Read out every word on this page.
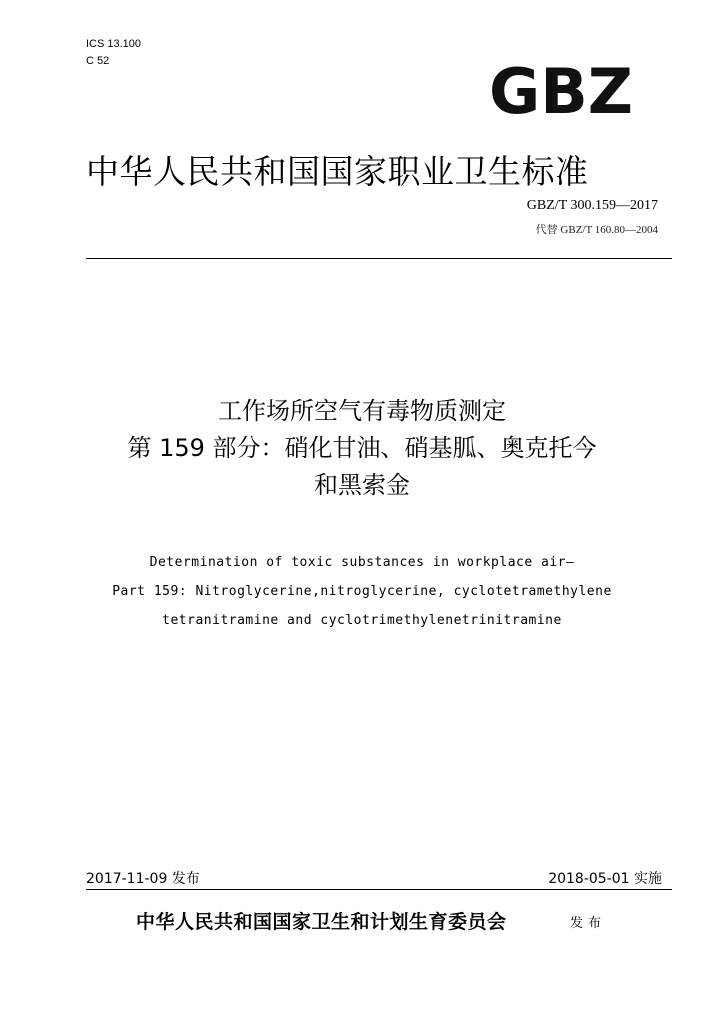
ICS 13.100
C 52	GBZ
中华人民共和国国家职业卫生标准
GBZ/T 300.159—2017
代替 GBZ/T 160.80—2004
工作场所空气有毒物质测定
第 159 部分：硝化甘油、硝基胍、奥克托今
和黑索金
Determination of toxic substances in workplace air—
Part 159: Nitroglycerine,nitroglycerine, cyclotetramethylene
tetranitramine and cyclotrimethylenetrinitramine
2017-11-09 发布	2018-05-01 实施
中华人民共和国国家卫生和计划生育委员会	发布
